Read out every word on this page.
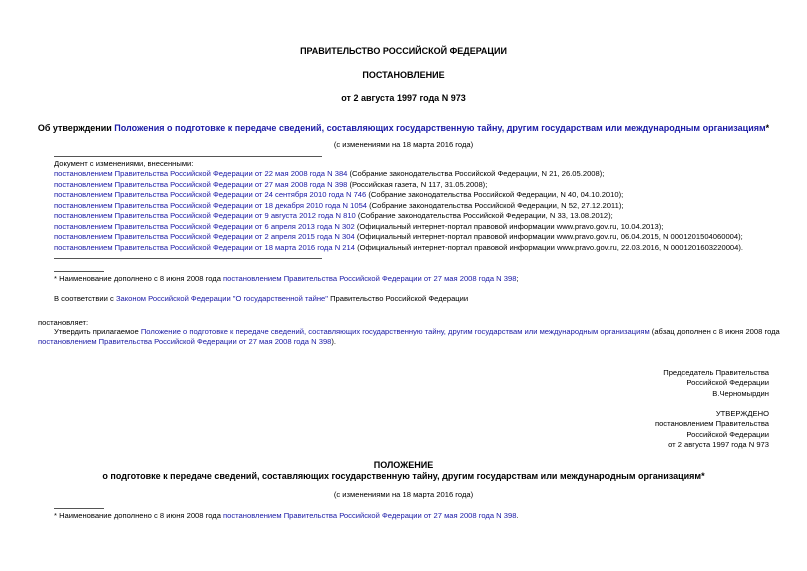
ПРАВИТЕЛЬСТВО РОССИЙСКОЙ ФЕДЕРАЦИИ
ПОСТАНОВЛЕНИЕ
от 2 августа 1997 года N 973
Об утверждении Положения о подготовке к передаче сведений, составляющих государственную тайну, другим государствам или международным организациям*
(с изменениями на 18 марта 2016 года)
Документ с изменениями, внесенными:
постановлением Правительства Российской Федерации от 22 мая 2008 года N 384 (Собрание законодательства Российской Федерации, N 21, 26.05.2008);
постановлением Правительства Российской Федерации от 27 мая 2008 года N 398 (Российская газета, N 117, 31.05.2008);
постановлением Правительства Российской Федерации от 24 сентября 2010 года N 746 (Собрание законодательства Российской Федерации, N 40, 04.10.2010);
постановлением Правительства Российской Федерации от 18 декабря 2010 года N 1054 (Собрание законодательства Российской Федерации, N 52, 27.12.2011);
постановлением Правительства Российской Федерации от 9 августа 2012 года N 810 (Собрание законодательства Российской Федерации, N 33, 13.08.2012);
постановлением Правительства Российской Федерации от 6 апреля 2013 года N 302 (Официальный интернет-портал правовой информации www.pravo.gov.ru, 10.04.2013);
постановлением Правительства Российской Федерации от 2 апреля 2015 года N 304 (Официальный интернет-портал правовой информации www.pravo.gov.ru, 06.04.2015, N 0001201504060004);
постановлением Правительства Российской Федерации от 18 марта 2016 года N 214 (Официальный интернет-портал правовой информации www.pravo.gov.ru, 22.03.2016, N 0001201603220004).
* Наименование дополнено с 8 июня 2008 года постановлением Правительства Российской Федерации от 27 мая 2008 года N 398;
В соответствии с Законом Российской Федерации "О государственной тайне" Правительство Российской Федерации
постановляет:
Утвердить прилагаемое Положение о подготовке к передаче сведений, составляющих государственную тайну, другим государствам или международным организациям (абзац дополнен с 8 июня 2008 года
постановлением Правительства Российской Федерации от 27 мая 2008 года N 398).
Председатель Правительства
Российской Федерации
В.Черномырдин
УТВЕРЖДЕНО
постановлением Правительства
Российской Федерации
от 2 августа 1997 года N 973
ПОЛОЖЕНИЕ
о подготовке к передаче сведений, составляющих государственную тайну, другим государствам или международным организациям*
(с изменениями на 18 марта 2016 года)
* Наименование дополнено с 8 июня 2008 года постановлением Правительства Российской Федерации от 27 мая 2008 года N 398.
